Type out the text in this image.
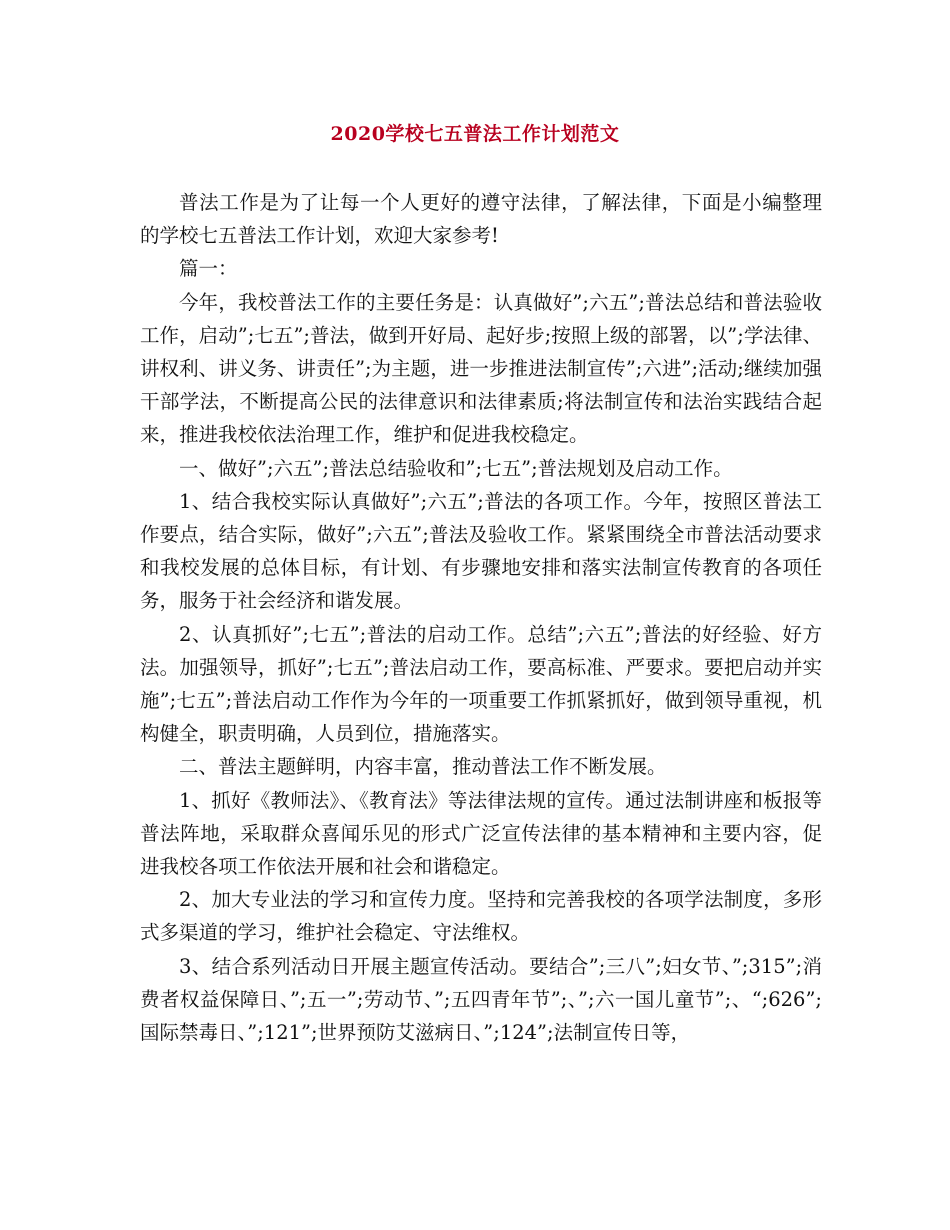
2020学校七五普法工作计划范文

普法工作是为了让每一个人更好的遵守法律，了解法律，下面是小编整理的学校七五普法工作计划，欢迎大家参考!

篇一：

今年，我校普法工作的主要任务是：认真做好”;六五”;普法总结和普法验收工作，启动”;七五”;普法，做到开好局、起好步;按照上级的部署，以”;学法律、讲权利、讲义务、讲责任”;为主题，进一步推进法制宣传”;六进”;活动;继续加强干部学法，不断提高公民的法律意识和法律素质;将法制宣传和法治实践结合起来，推进我校依法治理工作，维护和促进我校稳定。

一、做好”;六五”;普法总结验收和”;七五”;普法规划及启动工作。

1、结合我校实际认真做好”;六五”;普法的各项工作。今年，按照区普法工作要点，结合实际，做好”;六五”;普法及验收工作。紧紧围绕全市普法活动要求和我校发展的总体目标，有计划、有步骤地安排和落实法制宣传教育的各项任务，服务于社会经济和谐发展。

2、认真抓好”;七五”;普法的启动工作。总结”;六五”;普法的好经验、好方法。加强领导，抓好”;七五”;普法启动工作，要高标准、严要求。要把启动并实施”;七五”;普法启动工作作为今年的一项重要工作抓紧抓好，做到领导重视，机构健全，职责明确，人员到位，措施落实。

二、普法主题鲜明，内容丰富，推动普法工作不断发展。

1、抓好《教师法》、《教育法》等法律法规的宣传。通过法制讲座和板报等普法阵地，采取群众喜闻乐见的形式广泛宣传法律的基本精神和主要内容，促进我校各项工作依法开展和社会和谐稳定。

2、加大专业法的学习和宣传力度。坚持和完善我校的各项学法制度，多形式多渠道的学习，维护社会稳定、守法维权。

3、结合系列活动日开展主题宣传活动。要结合”;三八”;妇女节、”;315”;消费者权益保障日、”;五一”;劳动节、”;五四青年节”;、”;六一国儿童节”;、“;626”;国际禁毒日、”;121”;世界预防艾滋病日、”;124”;法制宣传日等，
